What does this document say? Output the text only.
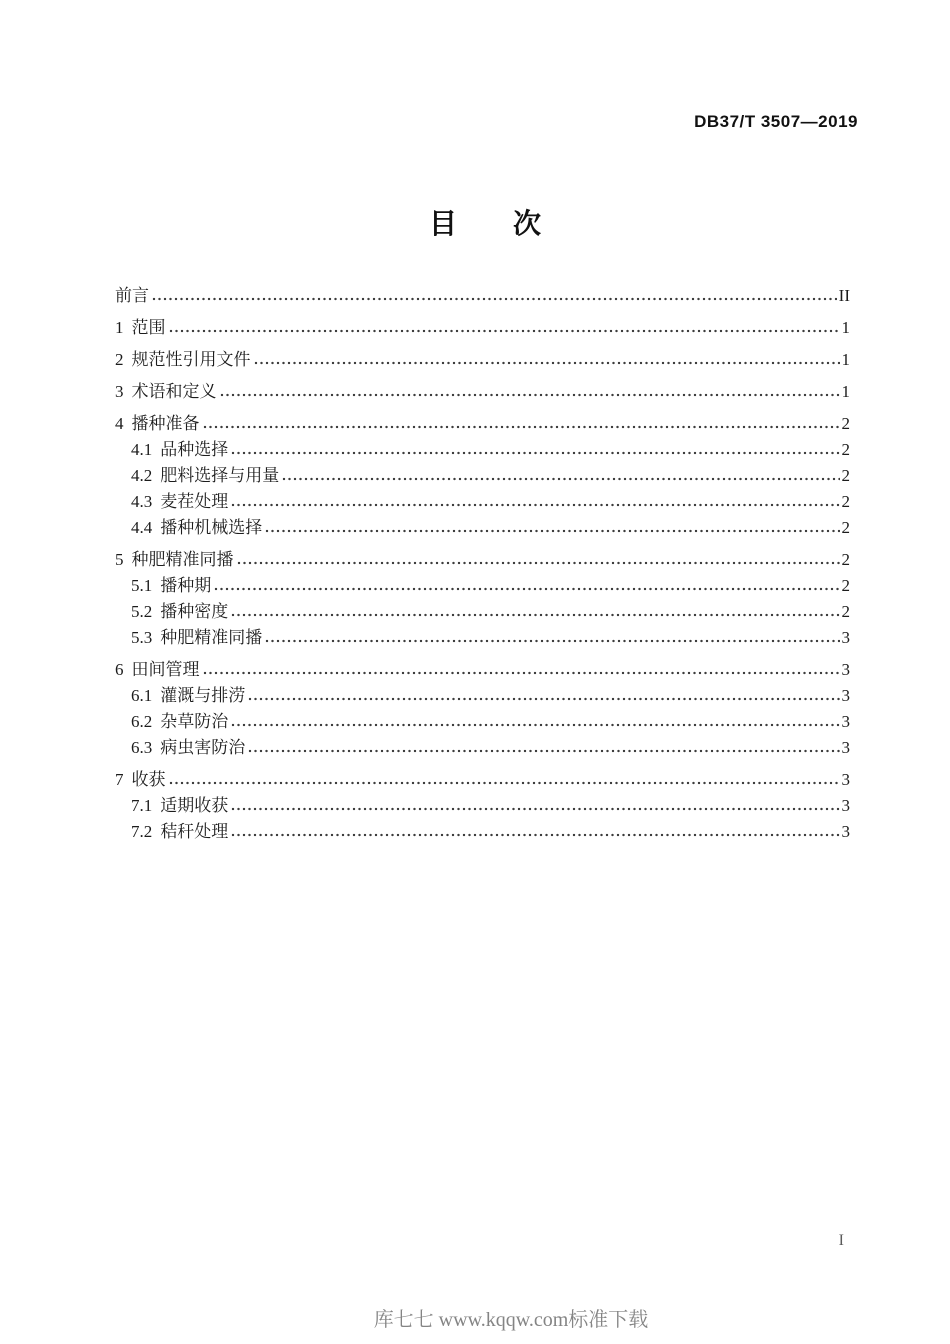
DB37/T 3507—2019
目　　次
前言	II
1 范围	1
2 规范性引用文件	1
3 术语和定义	1
4 播种准备	2
4.1 品种选择	2
4.2 肥料选择与用量	2
4.3 麦茬处理	2
4.4 播种机械选择	2
5 种肥精准同播	2
5.1 播种期	2
5.2 播种密度	2
5.3 种肥精准同播	3
6 田间管理	3
6.1 灌溉与排涝	3
6.2 杂草防治	3
6.3 病虫害防治	3
7 收获	3
7.1 适期收获	3
7.2 秸秆处理	3
I
库七七 www.kqqw.com标准下载
